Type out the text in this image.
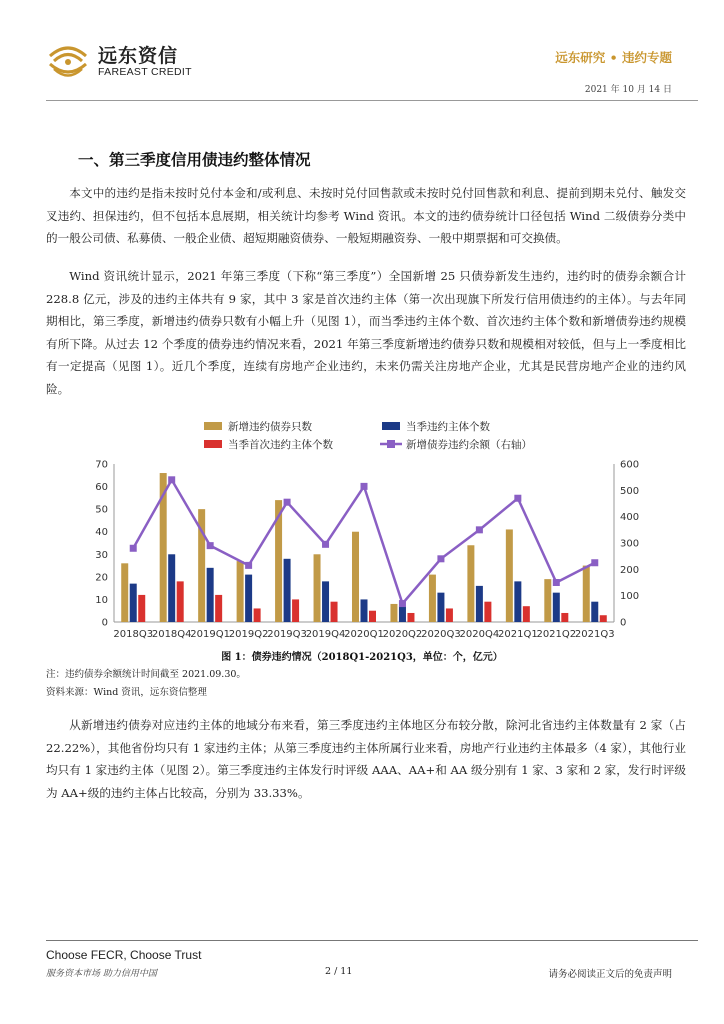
远东资信
FAREAST CREDIT
远东研究 • 违约专题
2021 年 10 月 14 日
一、第三季度信用债违约整体情况

本文中的违约是指未按时兑付本金和/或利息、未按时兑付回售款或未按时兑付回售款和利息、提前到期未兑付、触发交叉违约、担保违约，但不包括本息展期，相关统计均参考 Wind 资讯。本文的违约债券统计口径包括 Wind 二级债券分类中的一般公司债、私募债、一般企业债、超短期融资债券、一般短期融资券、一般中期票据和可交换债。

Wind 资讯统计显示，2021 年第三季度（下称“第三季度”）全国新增 25 只债券新发生违约，违约时的债券余额合计 228.8 亿元，涉及的违约主体共有 9 家，其中 3 家是首次违约主体（第一次出现旗下所发行信用债违约的主体）。与去年同期相比，第三季度，新增违约债券只数有小幅上升（见图 1），而当季违约主体个数、首次违约主体个数和新增债券违约规模有所下降。从过去 12 个季度的债券违约情况来看，2021 年第三季度新增违约债券只数和规模相对较低，但与上一季度相比有一定提高（见图 1）。近几个季度，连续有房地产企业违约，未来仍需关注房地产企业，尤其是民营房地产企业的违约风险。

新增违约债券只数	当季违约主体个数
当季首次违约主体个数	新增债券违约余额（右轴）
0
10
20
30
40
50
60
70
0
100
200
300
400
500
600
2018Q3
2018Q4
2019Q1
2019Q2
2019Q3
2019Q4
2020Q1
2020Q2
2020Q3
2020Q4
2021Q1
2021Q2
2021Q3
图 1：债券违约情况（2018Q1-2021Q3，单位：个，亿元）
注：违约债券余额统计时间截至 2021.09.30。
资料来源：Wind 资讯，远东资信整理

从新增违约债券对应违约主体的地域分布来看，第三季度违约主体地区分布较分散，除河北省违约主体数量有 2 家（占 22.22%），其他省份均只有 1 家违约主体；从第三季度违约主体所属行业来看，房地产行业违约主体最多（4 家），其他行业均只有 1 家违约主体（见图 2）。第三季度违约主体发行时评级 AAA、AA+和 AA 级分别有 1 家、3 家和 2 家，发行时评级为 AA+级的违约主体占比较高，分别为 33.33%。

Choose FECR, Choose Trust
服务资本市场 助力信用中国	2 / 11	请务必阅读正文后的免责声明
